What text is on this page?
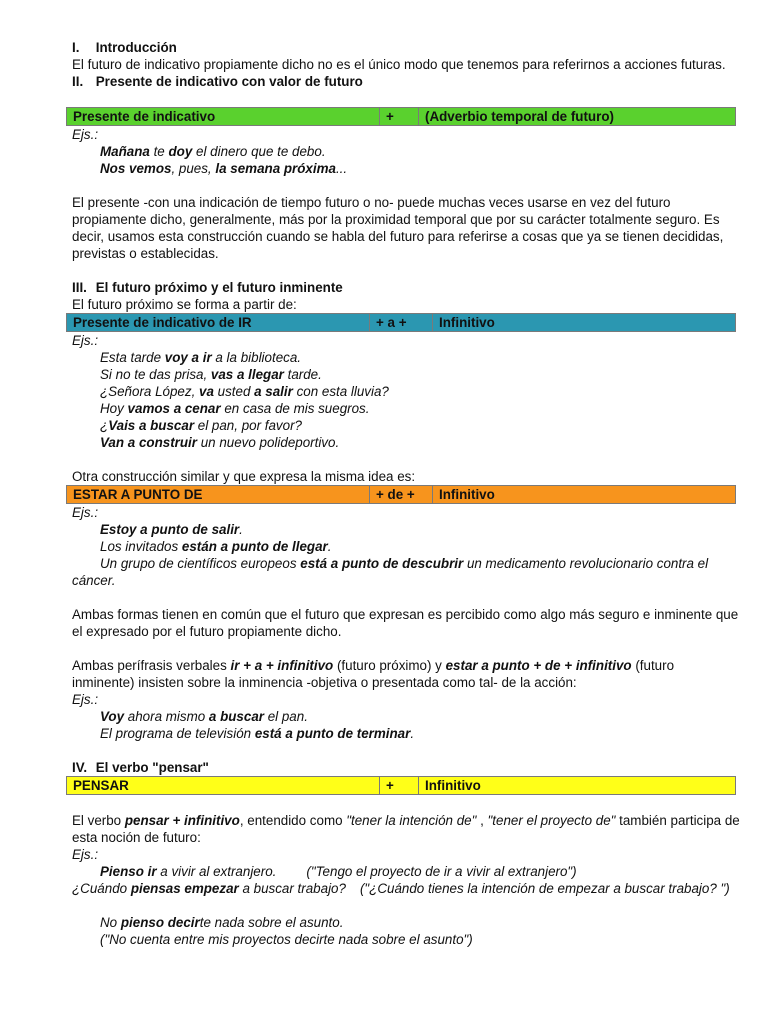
I. Introducción

El futuro de indicativo propiamente dicho no es el único modo que tenemos para referirnos a acciones futuras.

II. Presente de indicativo con valor de futuro

Presente de indicativo	+	(Adverbio temporal de futuro)

Ejs.:

Mañana te doy el dinero que te debo.

Nos vemos, pues, la semana próxima...

El presente -con una indicación de tiempo futuro o no- puede muchas veces usarse en vez del futuro propiamente dicho, generalmente, más por la proximidad temporal que por su carácter totalmente seguro. Es decir, usamos esta construcción cuando se habla del futuro para referirse a cosas que ya se tienen decididas, previstas o establecidas.

III. El futuro próximo y el futuro inminente

El futuro próximo se forma a partir de:

Presente de indicativo de IR	+ a +	Infinitivo

Ejs.:

Esta tarde voy a ir a la biblioteca.

Si no te das prisa, vas a llegar tarde.

¿Señora López, va usted a salir con esta lluvia?

Hoy vamos a cenar en casa de mis suegros.

¿Vais a buscar el pan, por favor?

Van a construir un nuevo polideportivo.

Otra construcción similar y que expresa la misma idea es:

ESTAR A PUNTO DE	+ de +	Infinitivo

Ejs.:

Estoy a punto de salir.

Los invitados están a punto de llegar.

Un grupo de científicos europeos está a punto de descubrir un medicamento revolucionario contra el

cáncer.

Ambas formas tienen en común que el futuro que expresan es percibido como algo más seguro e inminente que el expresado por el futuro propiamente dicho.

Ambas perífrasis verbales ir + a + infinitivo (futuro próximo) y estar a punto + de + infinitivo (futuro inminente) insisten sobre la inminencia -objetiva o presentada como tal- de la acción:

Ejs.:

Voy ahora mismo a buscar el pan.

El programa de televisión está a punto de terminar.

IV. El verbo "pensar"

PENSAR	+	Infinitivo

El verbo pensar + infinitivo, entendido como "tener la intención de" , "tener el proyecto de" también participa de esta noción de futuro:

Ejs.:

Pienso ir a vivir al extranjero. ("Tengo el proyecto de ir a vivir al extranjero")

¿Cuándo piensas empezar a buscar trabajo? ("¿Cuándo tienes la intención de empezar a buscar trabajo? ")

No pienso decirte nada sobre el asunto.

("No cuenta entre mis proyectos decirte nada sobre el asunto")
